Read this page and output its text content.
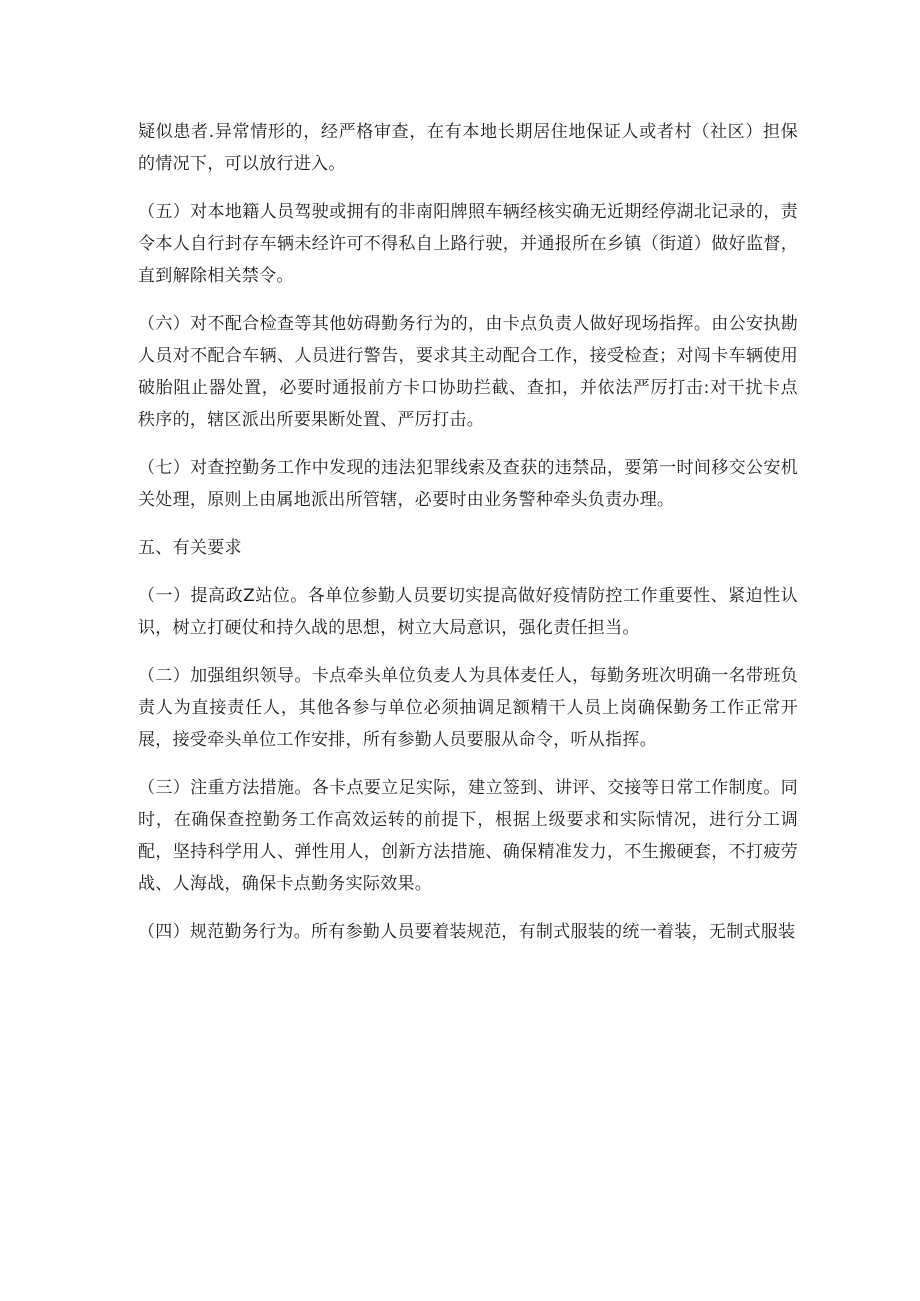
疑似患者.异常情形的，经严格审查，在有本地长期居住地保证人或者村（社区）担保的情况下，可以放行进入。

（五）对本地籍人员驾驶或拥有的非南阳牌照车辆经核实确无近期经停湖北记录的，责令本人自行封存车辆未经许可不得私自上路行驶，并通报所在乡镇（街道）做好监督，直到解除相关禁令。

（六）对不配合检查等其他妨碍勤务行为的，由卡点负责人做好现场指挥。由公安执勘人员对不配合车辆、人员进行警告，要求其主动配合工作，接受检查；对闯卡车辆使用破胎阻止器处置，必要时通报前方卡口协助拦截、查扣，并依法严厉打击:对干扰卡点秩序的，辖区派出所要果断处置、严厉打击。

（七）对查控勤务工作中发现的违法犯罪线索及查获的违禁品，要第一时间移交公安机关处理，原则上由属地派出所管辖，必要时由业务警种牵头负责办理。

五、有关要求

（一）提高政Z站位。各单位参勤人员要切实提高做好疫情防控工作重要性、紧迫性认识，树立打硬仗和持久战的思想，树立大局意识，强化责任担当。

（二）加强组织领导。卡点牵头单位负麦人为具体麦任人，每勤务班次明确一名带班负责人为直接责任人，其他各参与单位必须抽调足额精干人员上岗确保勤务工作正常开展，接受牵头单位工作安排，所有参勤人员要服从命令，听从指挥。

（三）注重方法措施。各卡点要立足实际，建立签到、讲评、交接等日常工作制度。同时，在确保查控勤务工作高效运转的前提下，根据上级要求和实际情况，进行分工调配，坚持科学用人、弹性用人，创新方法措施、确保精准发力，不生搬硬套，不打疲劳战、人海战，确保卡点勤务实际效果。

（四）规范勤务行为。所有参勤人员要着装规范，有制式服装的统一着装，无制式服装
